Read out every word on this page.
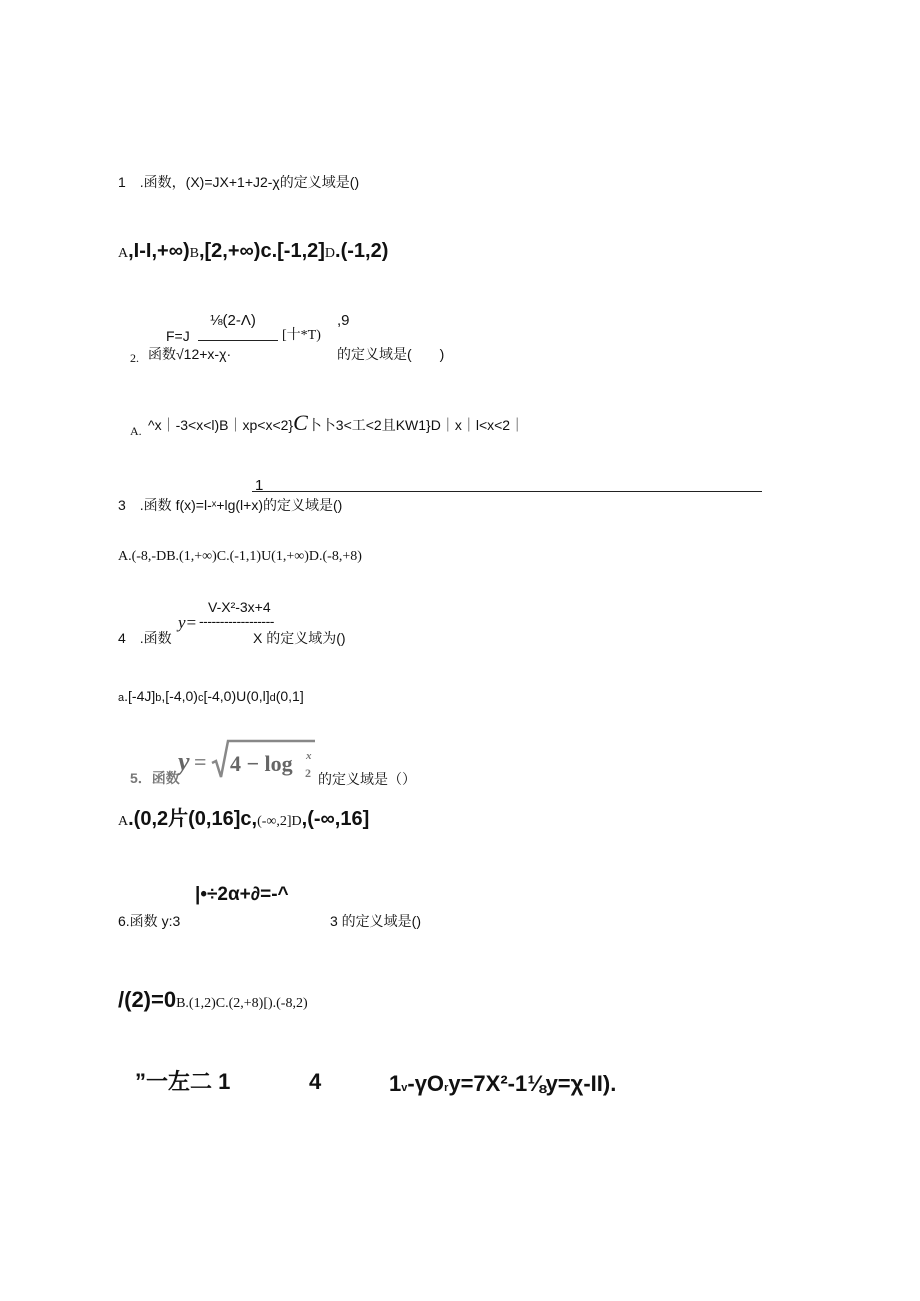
1　.函数，(X)=JX+1+J2-χ的定义域是()
A,I-I,+∞)B,[2,+∞)c.[-1,2]D.(-1,2)
⅛(2-Λ)	,9
F=J	[十*T)
2. 函数√12+x-χ·	的定义域是(　　)
A. ^x｜-3<x<l)B｜xp<x<2}C卜卜3<工<2且KW1}D｜x｜l<x<2｜
1
3　.函数 f(x)=l-ˣ+lg(l+x)的定义域是()
A.(-8,-DB.(1,+∞)C.(-1,1)U(1,+∞)D.(-8,+8)
V-X²-3x+4
y= ------------------
4　.函数	X 的定义域为()
a.[-4J]b,[-4,0)c[-4,0)U(0,l]d(0,1]
5．函数
y = 4 − log x
2 的定义域是（）
A.(0,2片(0,16]c,(-∞,2]D,(-∞,16]
|•÷2α+∂=-^
6.函数 y:3	3 的定义域是()
/(2)=0B.(1,2)C.(2,+8)[).(-8,2)
”一左二 1	4	1v-γOry=7X²-1⅛y=χ-II).
